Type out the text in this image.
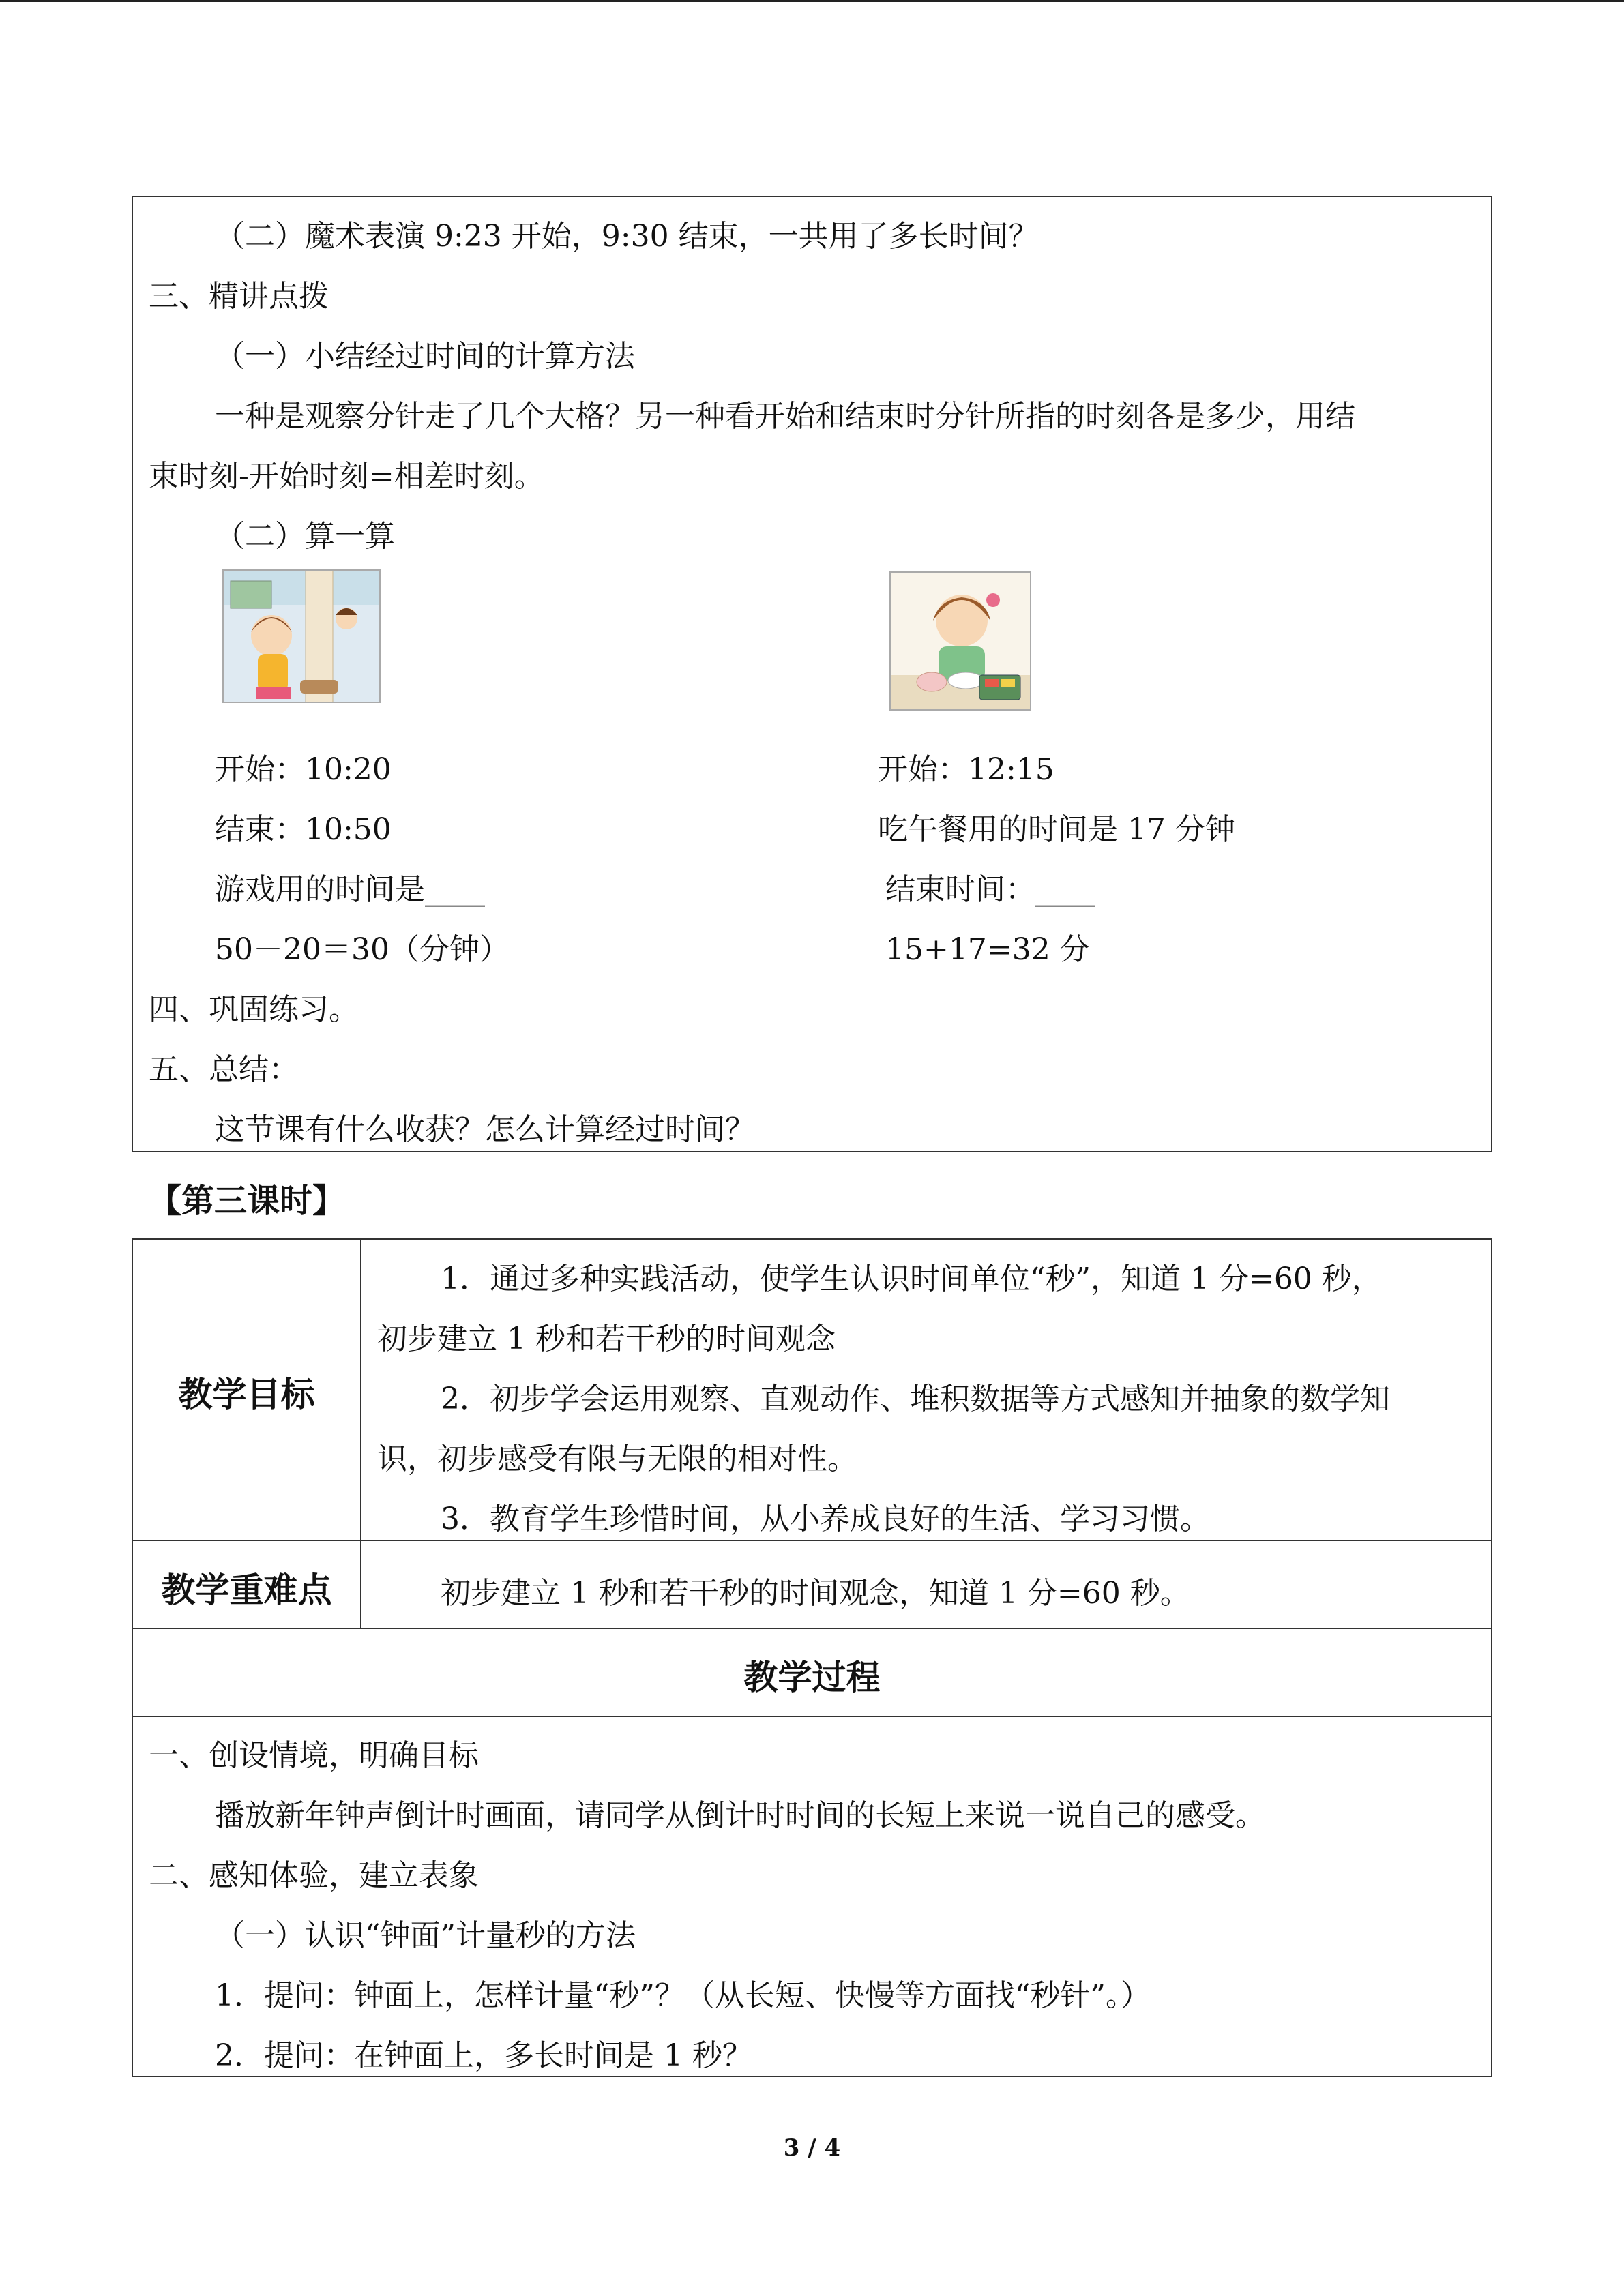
（二）魔术表演 9:23 开始，9:30 结束，一共用了多长时间？
三、精讲点拨
（一）小结经过时间的计算方法
一种是观察分针走了几个大格？另一种看开始和结束时分针所指的时刻各是多少，用结
束时刻-开始时刻=相差时刻。
（二）算一算
开始：10:20
结束：10:50
游戏用的时间是____
50－20＝30（分钟）
开始：12:15
吃午餐用的时间是 17 分钟
结束时间：____
15+17=32 分
四、巩固练习。
五、总结：
这节课有什么收获？怎么计算经过时间？
【第三课时】
教学目标
1．通过多种实践活动，使学生认识时间单位“秒”，知道 1 分=60 秒，
初步建立 1 秒和若干秒的时间观念
2．初步学会运用观察、直观动作、堆积数据等方式感知并抽象的数学知
识，初步感受有限与无限的相对性。
3．教育学生珍惜时间，从小养成良好的生活、学习习惯。
教学重难点	初步建立 1 秒和若干秒的时间观念，知道 1 分=60 秒。
教学过程
一、创设情境，明确目标
播放新年钟声倒计时画面，请同学从倒计时时间的长短上来说一说自己的感受。
二、感知体验，建立表象
（一）认识“钟面”计量秒的方法
1．提问：钟面上，怎样计量“秒”？（从长短、快慢等方面找“秒针”。）
2．提问：在钟面上，多长时间是 1 秒？
3 / 4
